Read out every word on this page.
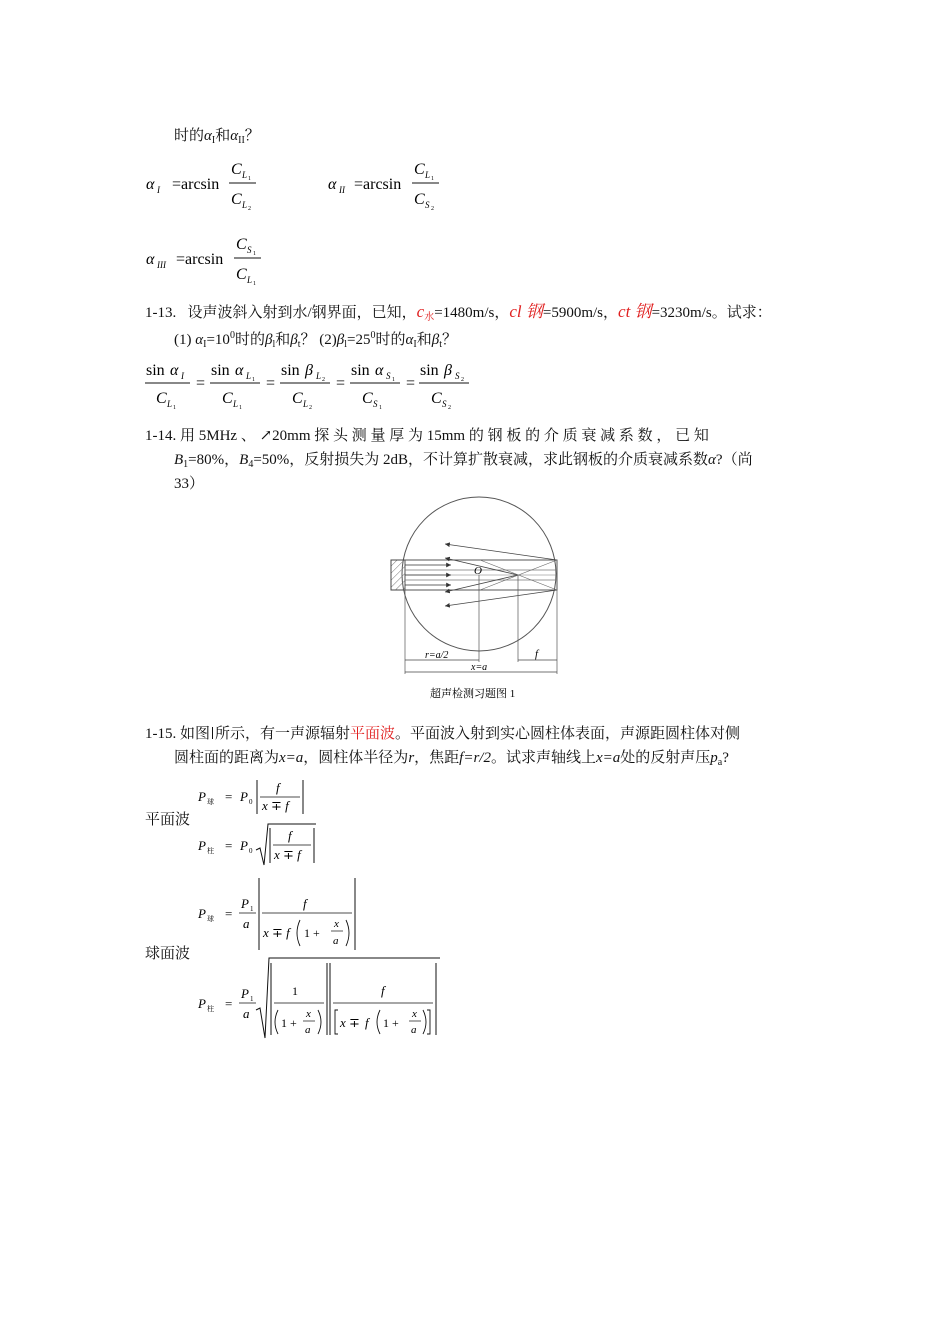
时的$\alpha_I$和$\alpha_{II}$？
α I =arcsin
C L 1
C L 2
α II =arcsin
C L 1
C S 2
α III =arcsin
C S 1
C L 1
1-13. 设声波斜入射到水/钢界面，已知，$c_水=1480m/s$，cl 钢=5900m/s，ct 钢=3230m/s。试求：
(1) $\alpha_I=10^0$时的$\beta_l$和$\beta_t$？ $(2)\beta_l=25^0$时的$\alpha_I$和$\beta_t$？
sin α I
C L 1
=
sin α L 1
C L 1
=
sin β L 2
C L 2
=
sin α S 1
C S 1
=
sin β S 2
C S 2
1-14. 用 5MHz 、 ↗20mm 探 头 测 量 厚 为 15mm 的 钢 板 的 介 质 衰 减 系 数 ， 已 知
$B_1=80\%$，$B_4=50\%$，反射损失为 2dB，不计算扩散衰减，求此钢板的介质衰减系数α?（尚
33）
O
r=a/2	f
x=a
超声检测习题图 1
1-15. 如图 所示，有一声源辐射平面波。平面波入射到实心圆柱体表面，声源距圆柱体对侧
圆柱面的距离为x=a，圆柱体半径为r，焦距f=r/2。试求声轴线上x=a处的反射声压$p_a$?
平面波
球面波
P 球 = P 0
f
x ∓ f
P 柱 = P 0
f
x ∓ f
P 球 =
P 1
a
f
x ∓ f 1 +
x
a
P 柱 =
P 1
a
1
1 +
x
a
f
x ∓ f 1 +
x
a
